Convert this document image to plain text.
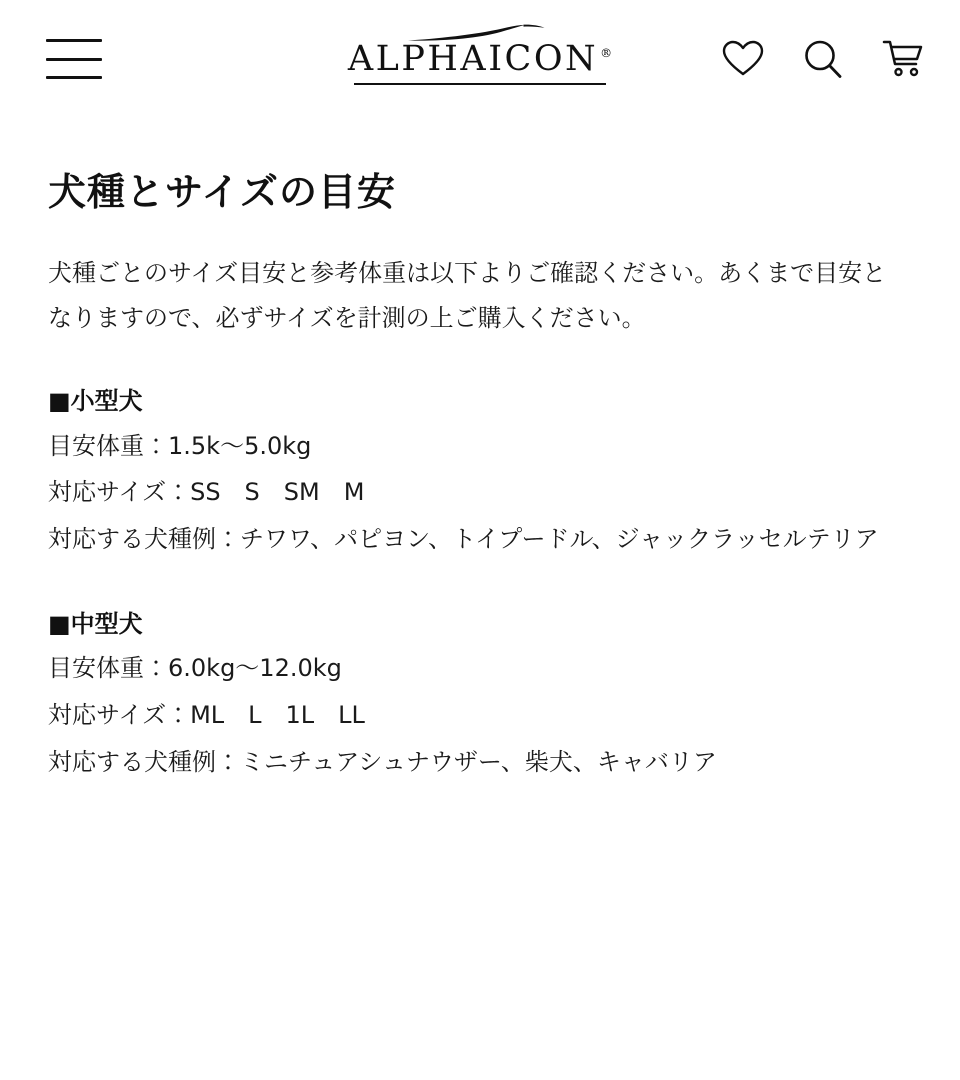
ALPHAICON ®
犬種とサイズの目安

犬種ごとのサイズ目安と参考体重は以下よりご確認ください。あくまで目安となりますので、必ずサイズを計測の上ご購入ください。

■小型犬

目安体重：1.5k〜5.0kg

対応サイズ：SS　S　SM　M

対応する犬種例：チワワ、パピヨン、トイプードル、ジャックラッセルテリア

■中型犬

目安体重：6.0kg〜12.0kg

対応サイズ：ML　L　1L　LL

対応する犬種例：ミニチュアシュナウザー、柴犬、キャバリア
